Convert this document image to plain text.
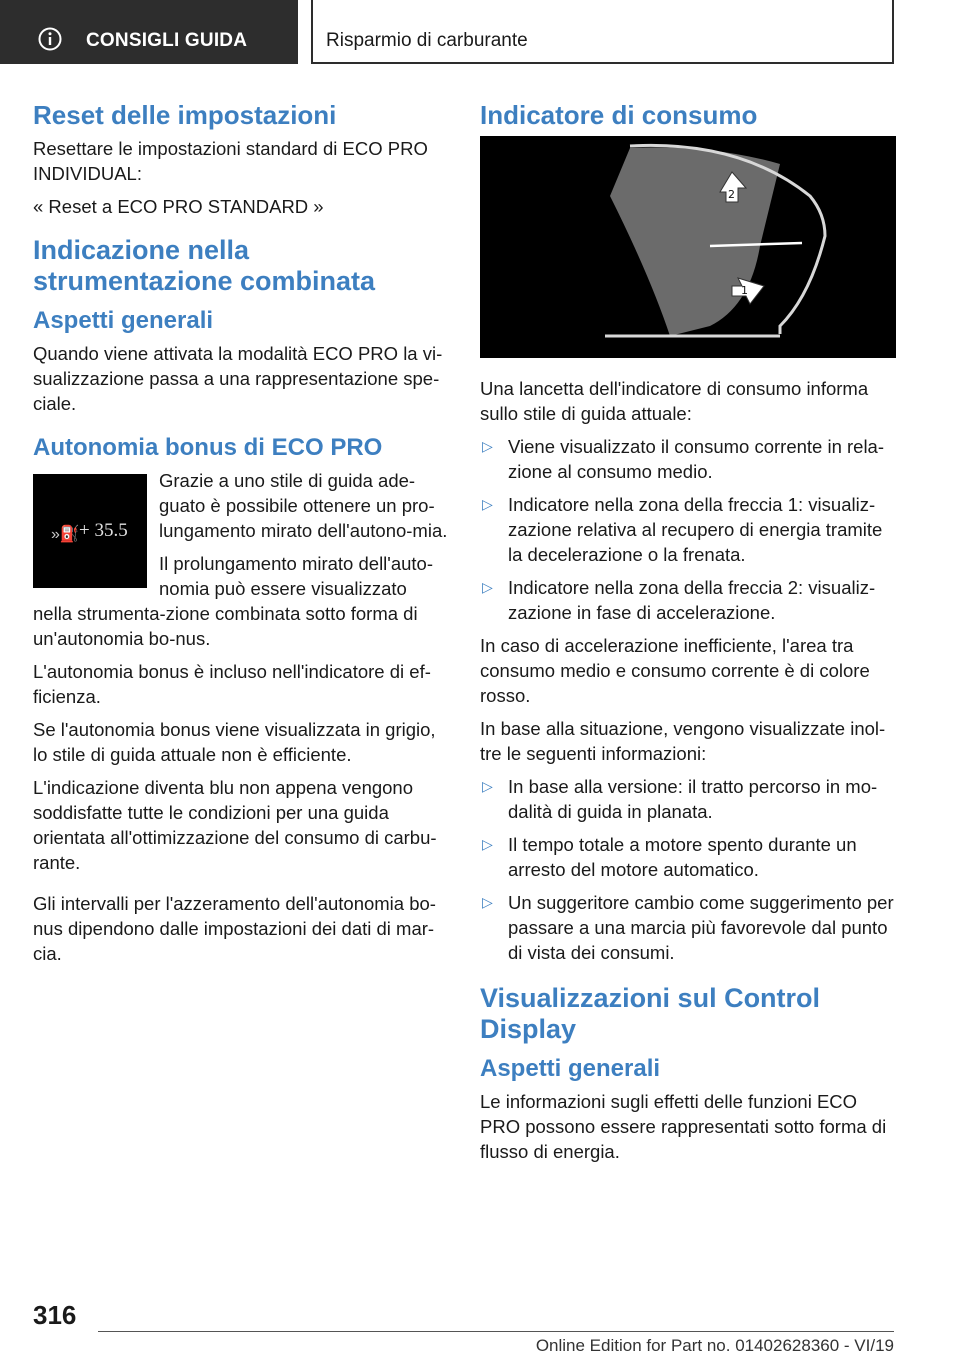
CONSIGLI GUIDA	Risparmio di carburante
Reset delle impostazioni

Resettare le impostazioni standard di ECO PRO INDIVIDUAL:

« Reset a ECO PRO STANDARD »

Indicazione nella strumentazione combinata
Aspetti generali

Quando viene attivata la modalità ECO PRO la vi-sualizzazione passa a una rappresentazione spe-ciale.

Autonomia bonus di ECO PRO
»⛽ + 35.5

Grazie a uno stile di guida ade-guato è possibile ottenere un pro-lungamento mirato dell'autono-mia.

Il prolungamento mirato dell'auto-nomia può essere visualizzato nella strumenta-zione combinata sotto forma di un'autonomia bo-nus.

L'autonomia bonus è incluso nell'indicatore di ef-ficienza.

Se l'autonomia bonus viene visualizzata in grigio, lo stile di guida attuale non è efficiente.

L'indicazione diventa blu non appena vengono soddisfatte tutte le condizioni per una guida orientata all'ottimizzazione del consumo di carbu-rante.

Gli intervalli per l'azzeramento dell'autonomia bo-nus dipendono dalle impostazioni dei dati di mar-cia.

Indicatore di consumo
2
1

Una lancetta dell'indicatore di consumo informa sullo stile di guida attuale:

▷ Viene visualizzato il consumo corrente in rela-zione al consumo medio.
▷ Indicatore nella zona della freccia 1: visualiz-zazione relativa al recupero di energia tramite la decelerazione o la frenata.
▷ Indicatore nella zona della freccia 2: visualiz-zazione in fase di accelerazione.

In caso di accelerazione inefficiente, l'area tra consumo medio e consumo corrente è di colore rosso.

In base alla situazione, vengono visualizzate inol-tre le seguenti informazioni:

▷ In base alla versione: il tratto percorso in mo-dalità di guida in planata.
▷ Il tempo totale a motore spento durante un arresto del motore automatico.
▷ Un suggeritore cambio come suggerimento per passare a una marcia più favorevole dal punto di vista dei consumi.
Visualizzazioni sul Control Display
Aspetti generali

Le informazioni sugli effetti delle funzioni ECO PRO possono essere rappresentati sotto forma di flusso di energia.

316
Online Edition for Part no. 01402628360 - VI/19
